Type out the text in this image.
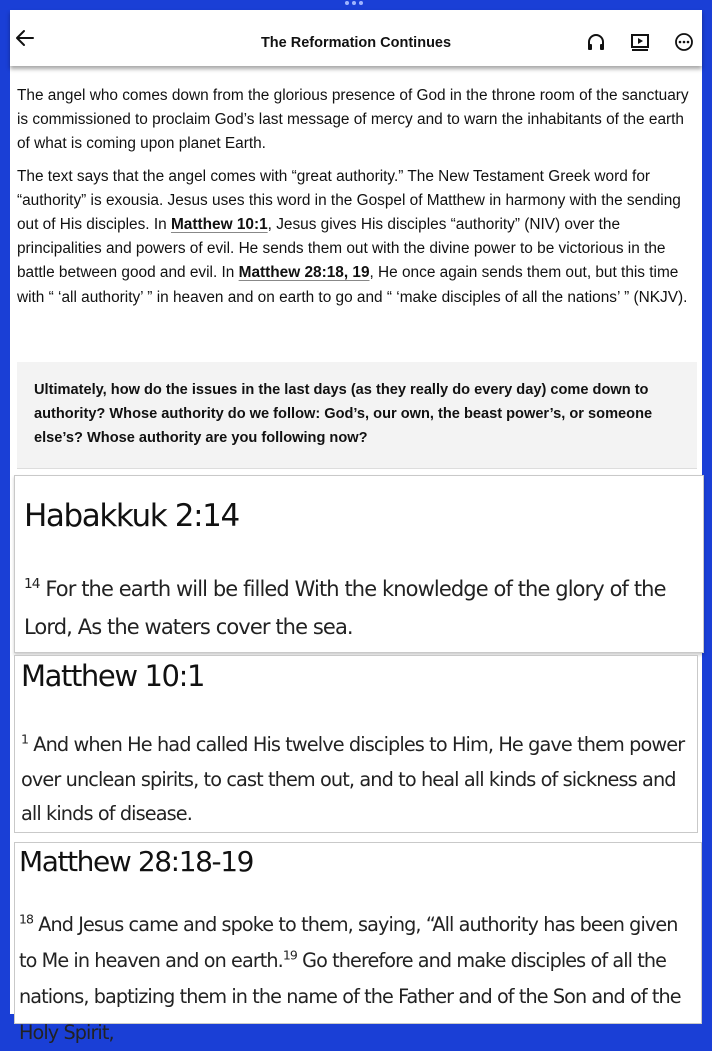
The Reformation Continues

The angel who comes down from the glorious presence of God in the throne room of the sanctuary is commissioned to proclaim God’s last message of mercy and to warn the inhabitants of the earth of what is coming upon planet Earth.

The text says that the angel comes with “great authority.” The New Testament Greek word for “authority” is exousia. Jesus uses this word in the Gospel of Matthew in harmony with the sending out of His disciples. In Matthew 10:1, Jesus gives His disciples “authority” (NIV) over the principalities and powers of evil. He sends them out with the divine power to be victorious in the battle between good and evil. In Matthew 28:18, 19, He once again sends them out, but this time with “ ‘all authority’ ” in heaven and on earth to go and “ ‘make disciples of all the nations’ ” (NKJV).

Ultimately, how do the issues in the last days (as they really do every day) come down to authority? Whose authority do we follow: God’s, our own, the beast power’s, or someone else’s? Whose authority are you following now?

Habakkuk 2:14
$^{14}$ For the earth will be filled With the knowledge of the glory of the Lord, As the waters cover the sea.
Matthew 10:1
$^1$ And when He had called His twelve disciples to Him, He gave them power over unclean spirits, to cast them out, and to heal all kinds of sickness and all kinds of disease.
Matthew 28:18-19
$^{18}$ And Jesus came and spoke to them, saying, “All authority has been given to Me in heaven and on earth.$^{19}$ Go therefore and make disciples of all the nations, baptizing them in the name of the Father and of the Son and of the Holy Spirit,
